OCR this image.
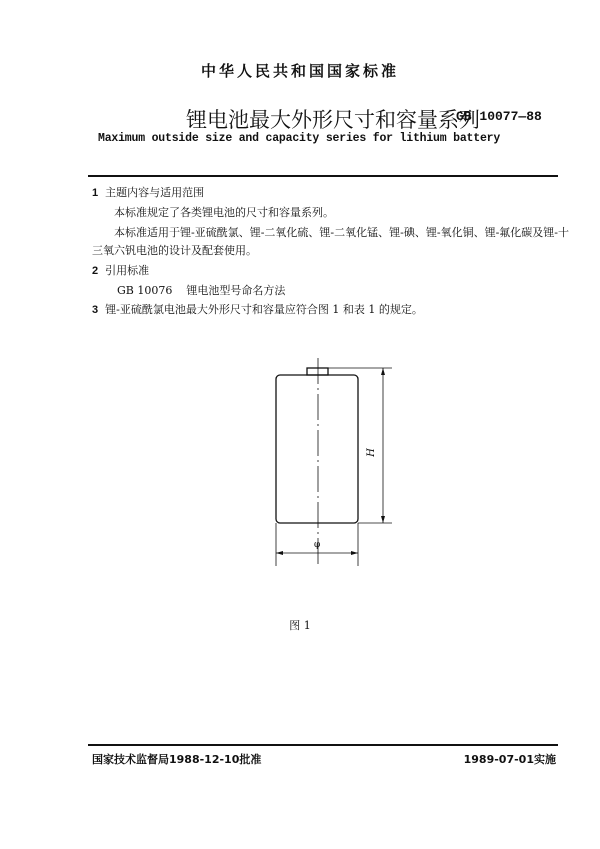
中华人民共和国国家标准
锂电池最大外形尺寸和容量系列
GB 10077—88
Maximum outside size and capacity series for lithium battery
1 主题内容与适用范围
本标准规定了各类锂电池的尺寸和容量系列。
本标准适用于锂-亚硫酰氯、锂-二氧化硫、锂-二氧化锰、锂-碘、锂-氧化铜、锂-氟化碳及锂-十
三氧六钒电池的设计及配套使用。
2 引用标准
GB 10076 锂电池型号命名方法
3 锂-亚硫酰氯电池最大外形尺寸和容量应符合图 1 和表 1 的规定。
H
φ
图 1
国家技术监督局1988-12-10批准	1989-07-01实施
